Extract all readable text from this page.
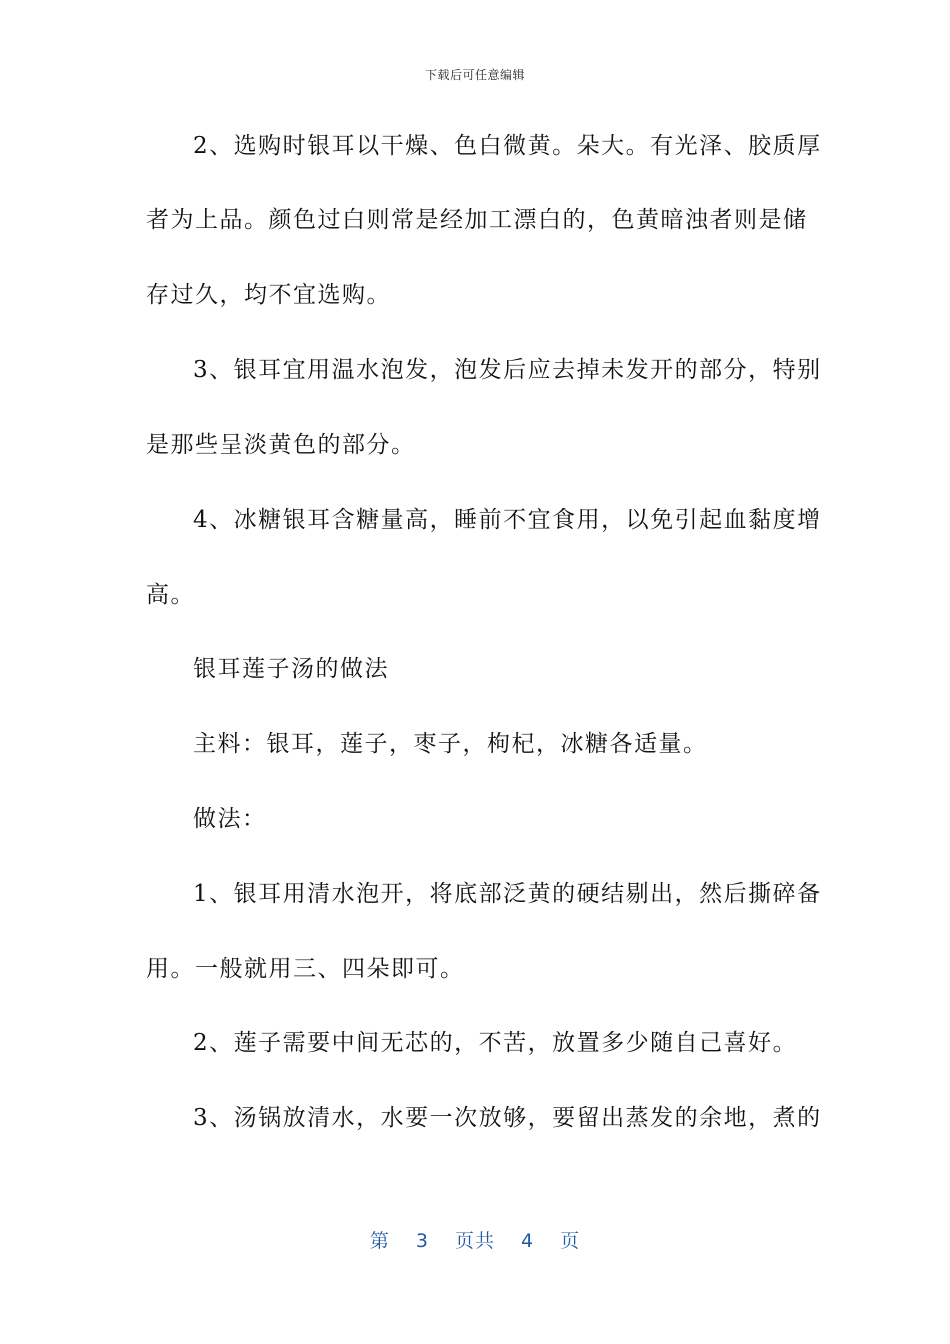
下载后可任意编辑
2、选购时银耳以干燥、色白微黄。朵大。有光泽、胶质厚
者为上品。颜色过白则常是经加工漂白的，色黄暗浊者则是储
存过久，均不宜选购。
3、银耳宜用温水泡发，泡发后应去掉未发开的部分，特别
是那些呈淡黄色的部分。
4、冰糖银耳含糖量高，睡前不宜食用，以免引起血黏度增
高。
银耳莲子汤的做法
主料：银耳，莲子，枣子，枸杞，冰糖各适量。
做法：
1、银耳用清水泡开，将底部泛黄的硬结剔出，然后撕碎备
用。一般就用三、四朵即可。
2、莲子需要中间无芯的，不苦，放置多少随自己喜好。
3、汤锅放清水，水要一次放够，要留出蒸发的余地，煮的
第 3 页共 4 页
